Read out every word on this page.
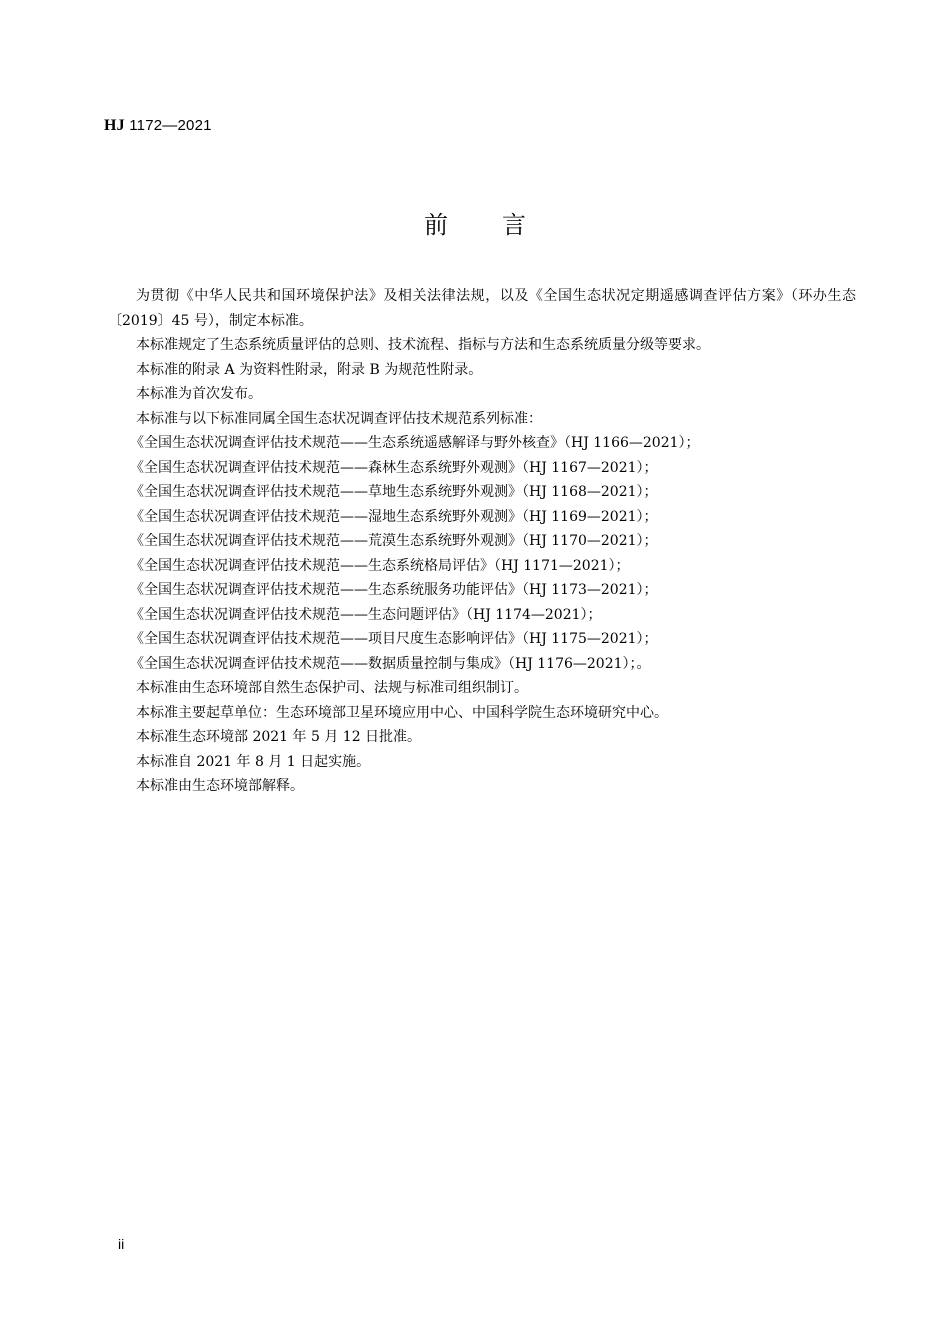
HJ 1172—2021
前言

为贯彻《中华人民共和国环境保护法》及相关法律法规，以及《全国生态状况定期遥感调查评估方案》（环办生态〔2019〕45 号），制定本标准。

本标准规定了生态系统质量评估的总则、技术流程、指标与方法和生态系统质量分级等要求。

本标准的附录 A 为资料性附录，附录 B 为规范性附录。

本标准为首次发布。

本标准与以下标准同属全国生态状况调查评估技术规范系列标准：

《全国生态状况调查评估技术规范——生态系统遥感解译与野外核查》（HJ 1166—2021）；

《全国生态状况调查评估技术规范——森林生态系统野外观测》（HJ 1167—2021）；

《全国生态状况调查评估技术规范——草地生态系统野外观测》（HJ 1168—2021）；

《全国生态状况调查评估技术规范——湿地生态系统野外观测》（HJ 1169—2021）；

《全国生态状况调查评估技术规范——荒漠生态系统野外观测》（HJ 1170—2021）；

《全国生态状况调查评估技术规范——生态系统格局评估》（HJ 1171—2021）；

《全国生态状况调查评估技术规范——生态系统服务功能评估》（HJ 1173—2021）；

《全国生态状况调查评估技术规范——生态问题评估》（HJ 1174—2021）；

《全国生态状况调查评估技术规范——项目尺度生态影响评估》（HJ 1175—2021）；

《全国生态状况调查评估技术规范——数据质量控制与集成》（HJ 1176—2021）；。

本标准由生态环境部自然生态保护司、法规与标准司组织制订。

本标准主要起草单位：生态环境部卫星环境应用中心、中国科学院生态环境研究中心。

本标准生态环境部 2021 年 5 月 12 日批准。

本标准自 2021 年 8 月 1 日起实施。

本标准由生态环境部解释。

ii
